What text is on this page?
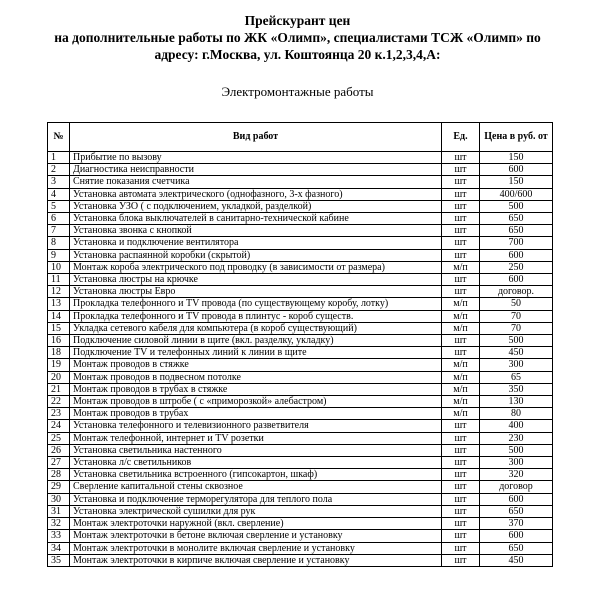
Прейскурант цен
на дополнительные работы по ЖК «Олимп», специалистами ТСЖ «Олимп» по
адресу: г.Москва, ул. Коштоянца 20 к.1,2,3,4,А:
Электромонтажные работы
№	Вид работ	Ед.	Цена в руб. от
1	Прибытие по вызову	шт	150
2	Диагностика неисправности	шт	600
3	Снятие показания счетчика	шт	150
4	Установка автомата электрического (однофазного, 3-х фазного)	шт	400/600
5	Установка УЗО ( с подключением, укладкой, разделкой)	шт	500
6	Установка блока выключателей в санитарно-технической кабине	шт	650
7	Установка звонка с кнопкой	шт	650
8	Установка и подключение вентилятора	шт	700
9	Установка распаянной коробки (скрытой)	шт	600
10	Монтаж короба электрического под проводку (в зависимости от размера)	м/п	250
11	Установка люстры на крючке	шт	600
12	Установка люстры Евро	шт	договор.
13	Прокладка телефонного и TV провода (по существующему коробу, лотку)	м/п	50
14	Прокладка телефонного и TV провода в плинтус - короб существ.	м/п	70
15	Укладка сетевого кабеля для компьютера (в короб существующий)	м/п	70
16	Подключение силовой линии в щите (вкл. разделку, укладку)	шт	500
18	Подключение TV и телефонных линий к линии в щите	шт	450
19	Монтаж проводов в стяжке	м/п	300
20	Монтаж проводов в подвесном потолке	м/п	65
21	Монтаж проводов в трубах в стяжке	м/п	350
22	Монтаж проводов в штробе ( с «приморозкой» алебастром)	м/п	130
23	Монтаж проводов в трубах	м/п	80
24	Установка телефонного и телевизионного разветвителя	шт	400
25	Монтаж телефонной, интернет и TV розетки	шт	230
26	Установка светильника настенного	шт	500
27	Установка л/с светильников	шт	300
28	Установка светильника встроенного (гипсокартон, шкаф)	шт	320
29	Сверление капитальной стены сквозное	шт	договор
30	Установка и подключение терморегулятора для теплого пола	шт	600
31	Установка электрической сушилки для рук	шт	650
32	Монтаж электроточки наружной (вкл. сверление)	шт	370
33	Монтаж электроточки в бетоне включая сверление и установку	шт	600
34	Монтаж электроточки в монолите включая сверление и установку	шт	650
35	Монтаж электроточки в кирпиче включая сверление и установку	шт	450
